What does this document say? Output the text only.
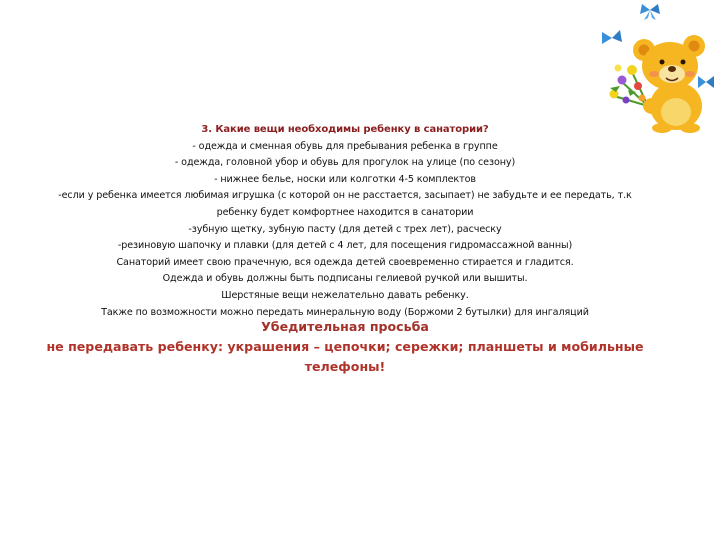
3. Какие вещи необходимы ребенку в санатории?
- одежда и сменная обувь для пребывания ребенка в группе
- одежда, головной убор и обувь для прогулок на улице (по сезону)
- нижнее белье, носки или колготки 4-5 комплектов
-если у ребенка имеется любимая игрушка (с которой он не расстается, засыпает) не забудьте и ее передать, т.к
ребенку будет комфортнее находится в санатории
-зубную щетку, зубную пасту (для детей с трех лет), расческу
-резиновую шапочку и плавки (для детей с 4 лет, для посещения гидромассажной ванны)
Санаторий имеет свою прачечную, вся одежда детей своевременно стирается и гладится.
Одежда и обувь должны быть подписаны гелиевой ручкой или вышиты.
Шерстяные вещи нежелательно давать ребенку.
Также по возможности можно передать минеральную воду (Боржоми 2 бутылки) для ингаляций
Убедительная просьба
не передавать ребенку: украшения – цепочки; сережки; планшеты и мобильные
телефоны!
